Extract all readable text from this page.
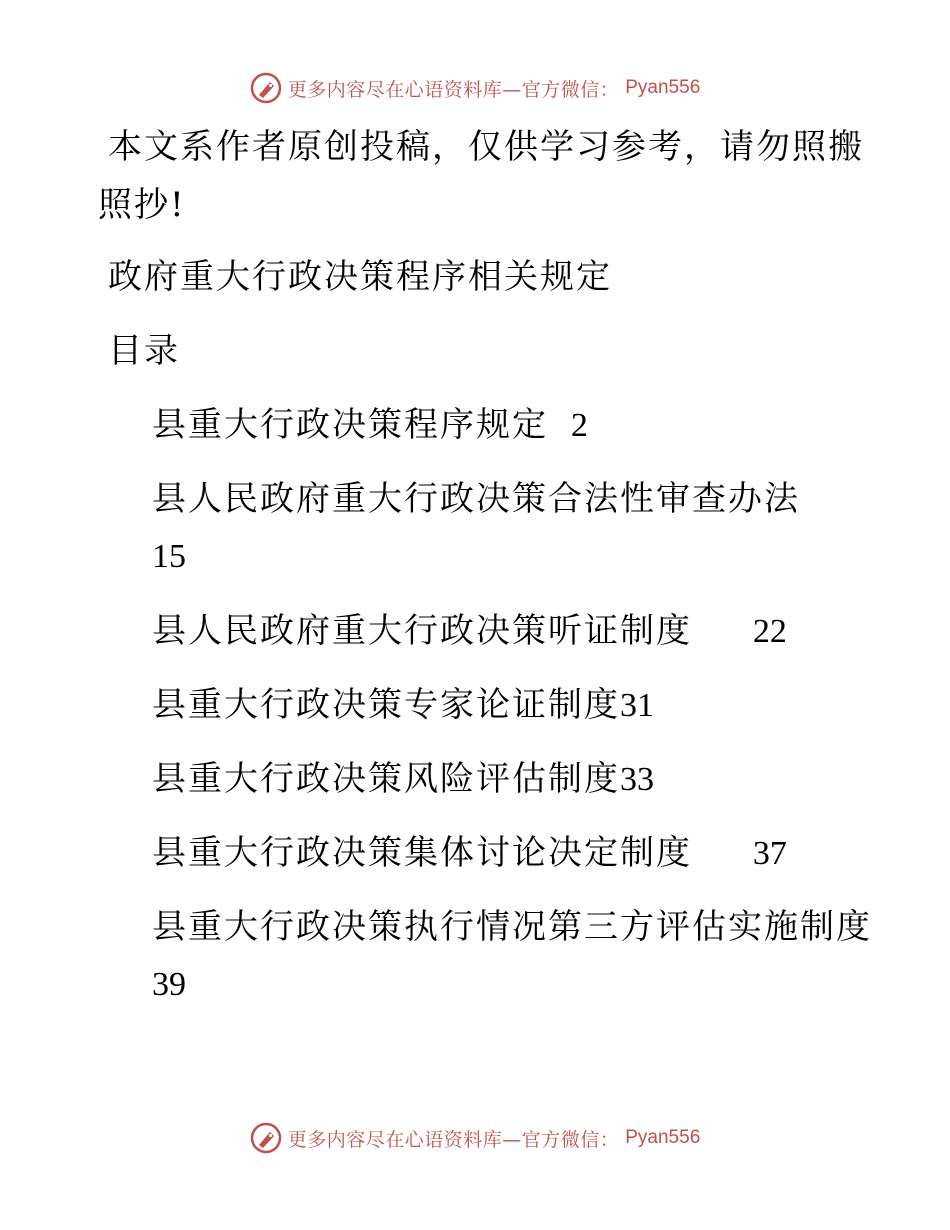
更多内容尽在心语资料库—官方微信： Pyan556
本文系作者原创投稿，仅供学习参考，请勿照搬
照抄!
政府重大行政决策程序相关规定
目录
县重大行政决策程序规定 2
县人民政府重大行政决策合法性审查办法
15
县人民政府重大行政决策听证制度 22
县重大行政决策专家论证制度31
县重大行政决策风险评估制度33
县重大行政决策集体讨论决定制度 37
县重大行政决策执行情况第三方评估实施制度
39
更多内容尽在心语资料库—官方微信： Pyan556
